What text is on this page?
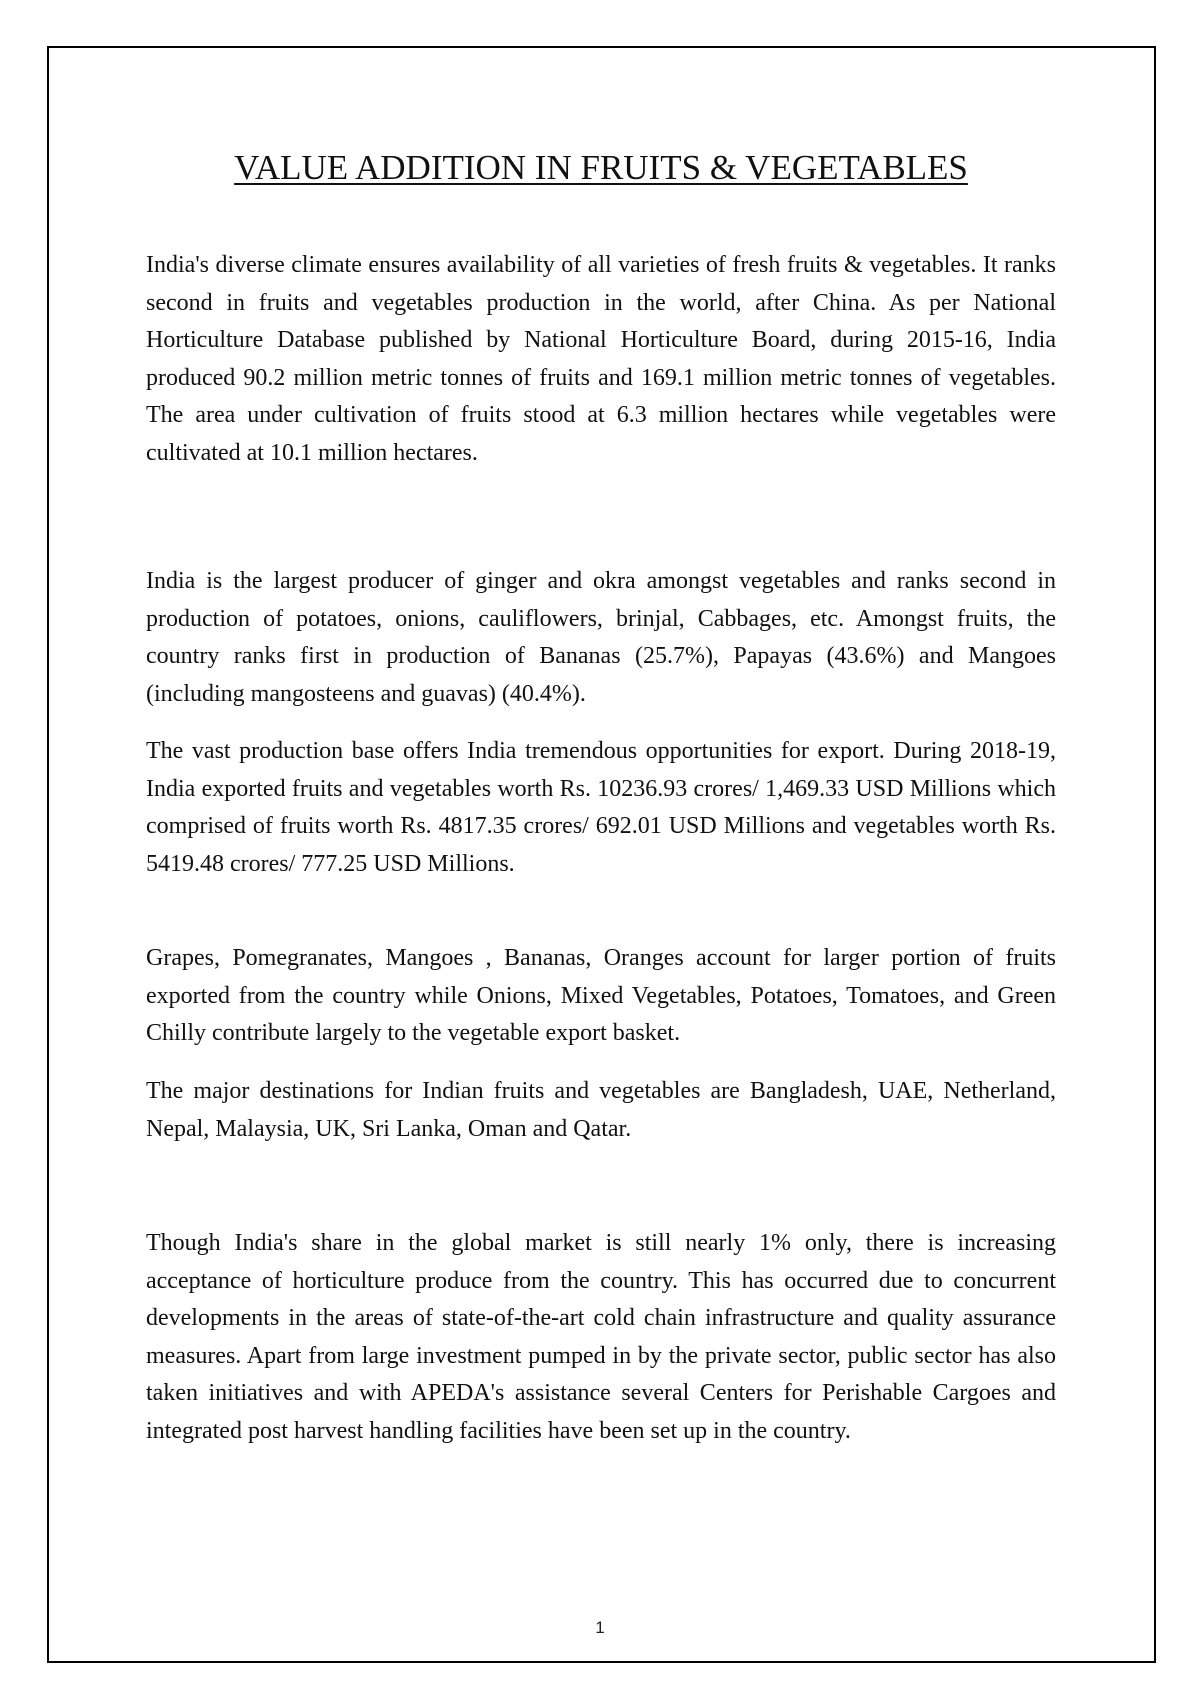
VALUE ADDITION IN FRUITS & VEGETABLES

India's diverse climate ensures availability of all varieties of fresh fruits & vegetables. It ranks second in fruits and vegetables production in the world, after China. As per National Horticulture Database published by National Horticulture Board, during 2015-16, India produced 90.2 million metric tonnes of fruits and 169.1 million metric tonnes of vegetables. The area under cultivation of fruits stood at 6.3 million hectares while vegetables were cultivated at 10.1 million hectares.

India is the largest producer of ginger and okra amongst vegetables and ranks second in production of potatoes, onions, cauliflowers, brinjal, Cabbages, etc. Amongst fruits, the country ranks first in production of Bananas (25.7%), Papayas (43.6%) and Mangoes (including mangosteens and guavas) (40.4%).

The vast production base offers India tremendous opportunities for export. During 2018-19, India exported fruits and vegetables worth Rs. 10236.93 crores/ 1,469.33 USD Millions which comprised of fruits worth Rs. 4817.35 crores/ 692.01 USD Millions and vegetables worth Rs. 5419.48 crores/ 777.25 USD Millions.

Grapes, Pomegranates, Mangoes , Bananas, Oranges account for larger portion of fruits exported from the country while Onions, Mixed Vegetables, Potatoes, Tomatoes, and Green Chilly contribute largely to the vegetable export basket.

The major destinations for Indian fruits and vegetables are Bangladesh, UAE, Netherland, Nepal, Malaysia, UK, Sri Lanka, Oman and Qatar.

Though India's share in the global market is still nearly 1% only, there is increasing acceptance of horticulture produce from the country. This has occurred due to concurrent developments in the areas of state-of-the-art cold chain infrastructure and quality assurance measures. Apart from large investment pumped in by the private sector, public sector has also taken initiatives and with APEDA's assistance several Centers for Perishable Cargoes and integrated post harvest handling facilities have been set up in the country.

1
